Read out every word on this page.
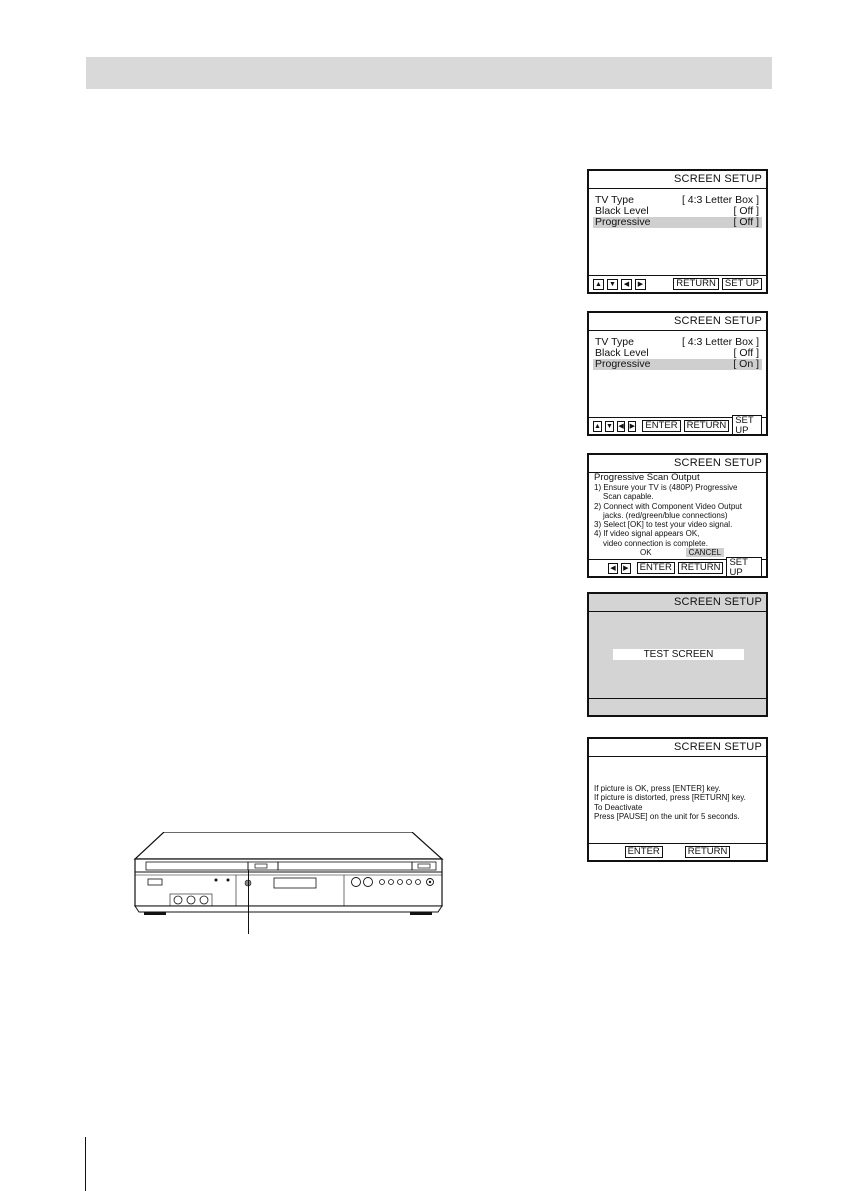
SCREEN SETUP
TV Type	[ 4:3 Letter Box ]
Black Level	[ Off ]
Progressive	[ Off ]
▲ ▼	◀	▶	RETURN SET UP
SCREEN SETUP
TV Type	[ 4:3 Letter Box ]
Black Level	[ Off ]
Progressive	[ On ]
▲ ▼ ◀ ▶	ENTER RETURN SET UP
SCREEN SETUP
Progressive Scan Output
1) Ensure your TV is (480P) Progressive
Scan capable.
2) Connect with Component Video Output
jacks. (red/green/blue connections)
3) Select [OK] to test your video signal.
4) If video signal appears OK,
video connection is complete.
OK	CANCEL
◀	▶	ENTER RETURN SET UP
SCREEN SETUP
TEST SCREEN
SCREEN SETUP
If picture is OK, press [ENTER] key.
If picture is distorted, press [RETURN] key.
To Deactivate
Press [PAUSE] on the unit for 5 seconds.
ENTER	RETURN
